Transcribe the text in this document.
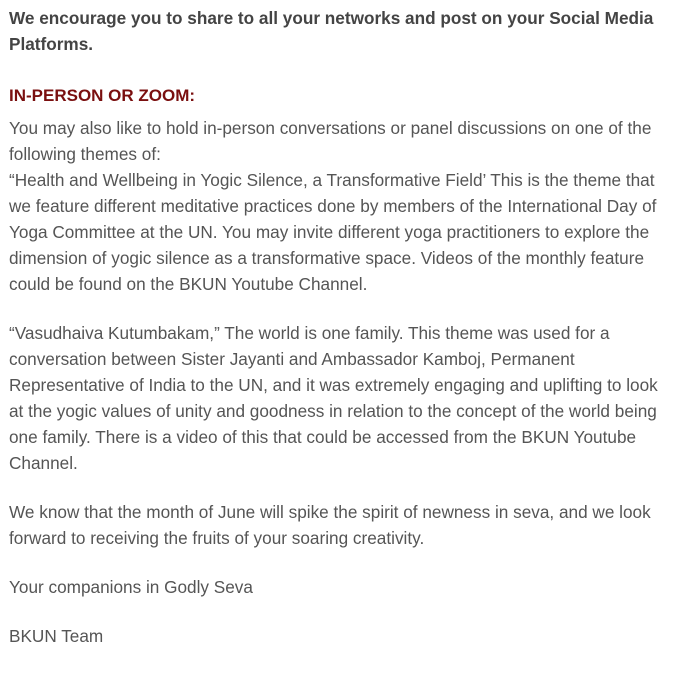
We encourage you to share to all your networks and post on your Social Media
Platforms.

IN-PERSON OR ZOOM:

You may also like to hold in-person conversations or panel discussions on one of the
following themes of:
“Health and Wellbeing in Yogic Silence, a Transformative Field’ This is the theme that
we feature different meditative practices done by members of the International Day of
Yoga Committee at the UN. You may invite different yoga practitioners to explore the
dimension of yogic silence as a transformative space. Videos of the monthly feature
could be found on the BKUN Youtube Channel.

“Vasudhaiva Kutumbakam,” The world is one family. This theme was used for a
conversation between Sister Jayanti and Ambassador Kamboj, Permanent
Representative of India to the UN, and it was extremely engaging and uplifting to look
at the yogic values of unity and goodness in relation to the concept of the world being
one family. There is a video of this that could be accessed from the BKUN Youtube
Channel.

We know that the month of June will spike the spirit of newness in seva, and we look
forward to receiving the fruits of your soaring creativity.

Your companions in Godly Seva

BKUN Team
